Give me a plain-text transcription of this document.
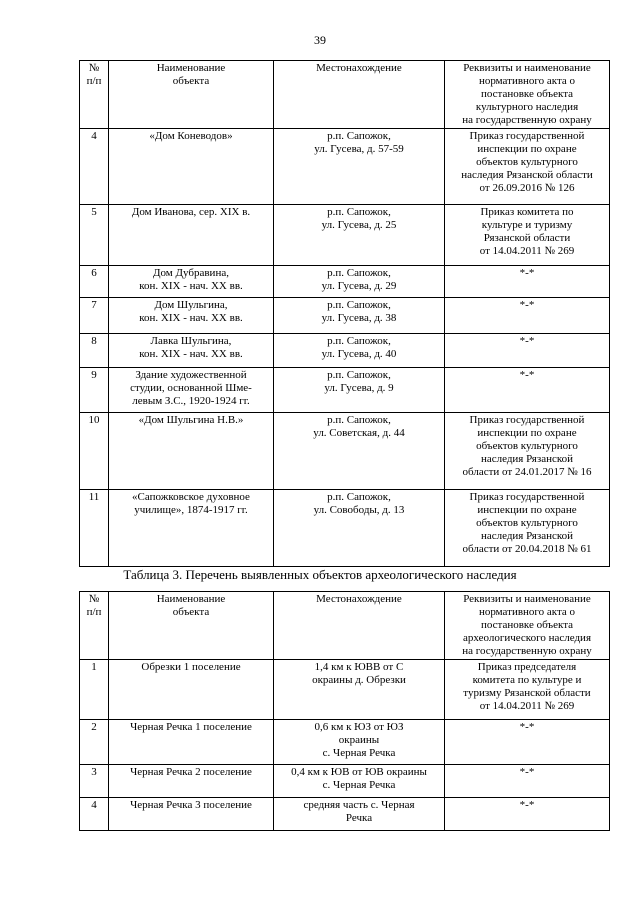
39
№
п/п	Наименование
объекта	Местонахождение	Реквизиты и наименование
нормативного акта о
постановке объекта
культурного наследия
на государственную охрану
4	«Дом Коневодов»	р.п. Сапожок,
ул. Гусева, д. 57-59	Приказ государственной
инспекции по охране
объектов культурного
наследия Рязанской области
от 26.09.2016 № 126
5	Дом Иванова, сер. XIX в.	р.п. Сапожок,
ул. Гусева, д. 25	Приказ комитета по
культуре и туризму
Рязанской области
от 14.04.2011 № 269
6	Дом Дубравина,
кон. XIX - нач. XX вв.	р.п. Сапожок,
ул. Гусева, д. 29	*-*
7	Дом Шульгина,
кон. XIX - нач. XX вв.	р.п. Сапожок,
ул. Гусева, д. 38	*-*
8	Лавка Шульгина,
кон. XIX - нач. XX вв.	р.п. Сапожок,
ул. Гусева, д. 40	*-*
9	Здание художественной
студии, основанной Шме-
левым З.С., 1920-1924 гг.	р.п. Сапожок,
ул. Гусева, д. 9	*-*
10	«Дом Шульгина Н.В.»	р.п. Сапожок,
ул. Советская, д. 44	Приказ государственной
инспекции по охране
объектов культурного
наследия Рязанской
области от 24.01.2017 № 16
11	«Сапожковское духовное
училище», 1874-1917 гг.	р.п. Сапожок,
ул. Совободы, д. 13	Приказ государственной
инспекции по охране
объектов культурного
наследия Рязанской
области от 20.04.2018 № 61
Таблица 3. Перечень выявленных объектов археологического наследия
№
п/п	Наименование
объекта	Местонахождение	Реквизиты и наименование
нормативного акта о
постановке объекта
археологического наследия
на государственную охрану
1	Обрезки 1 поселение	1,4 км к ЮВВ от С
окраины д. Обрезки	Приказ председателя
комитета по культуре и
туризму Рязанской области
от 14.04.2011 № 269
2	Черная Речка 1 поселение	0,6 км к ЮЗ от ЮЗ
окраины
с. Черная Речка	*-*
3	Черная Речка 2 поселение	0,4 км к ЮВ от ЮВ окраины
с. Черная Речка	*-*
4	Черная Речка 3 поселение	средняя часть с. Черная
Речка	*-*
